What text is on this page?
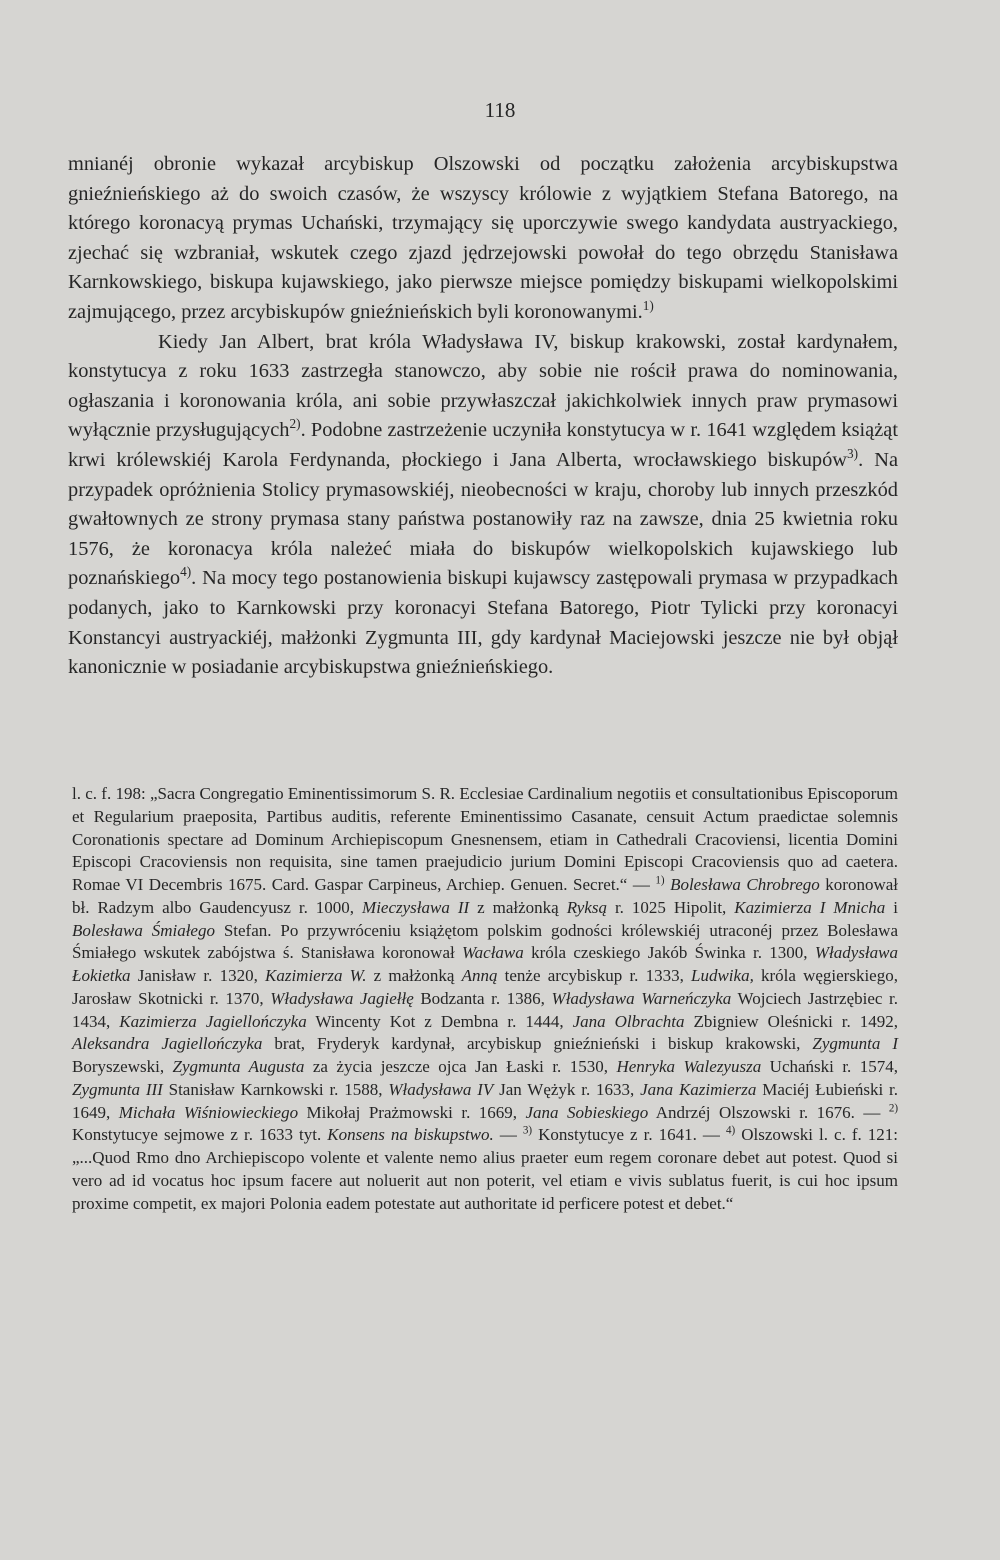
118

mnianéj obronie wykazał arcybiskup Olszowski od początku założenia arcybiskupstwa gnieźnieńskiego aż do swoich czasów, że wszyscy królowie z wyjątkiem Stefana Batorego, na którego koronacyą prymas Uchański, trzymający się uporczywie swego kandydata austryackiego, zjechać się wzbraniał, wskutek czego zjazd jędrzejowski powołał do tego obrzędu Stanisława Karnkowskiego, biskupa kujawskiego, jako pierwsze miejsce pomiędzy biskupami wielkopolskimi zajmującego, przez arcybiskupów gnieźnieńskich byli koronowanymi.$^{1)}$

Kiedy Jan Albert, brat króla Władysława IV, biskup krakowski, został kardynałem, konstytucya z roku 1633 zastrzegła stanowczo, aby sobie nie rościł prawa do nominowania, ogłaszania i koronowania króla, ani sobie przywłaszczał jakichkolwiek innych praw prymasowi wyłącznie przysługujących$^{2)}$. Podobne zastrzeżenie uczyniła konstytucya w r. 1641 względem książąt krwi królewskiéj Karola Ferdynanda, płockiego i Jana Alberta, wrocławskiego biskupów$^{3)}$. Na przypadek opróżnienia Stolicy prymasowskiéj, nieobecności w kraju, choroby lub innych przeszkód gwałtownych ze strony prymasa stany państwa postanowiły raz na zawsze, dnia 25 kwietnia roku 1576, że koronacya króla należeć miała do biskupów wielkopolskich kujawskiego lub poznańskiego$^{4)}$. Na mocy tego postanowienia biskupi kujawscy zastępowali prymasa w przypadkach podanych, jako to Karnkowski przy koronacyi Stefana Batorego, Piotr Tylicki przy koronacyi Konstancyi austryackiéj, małżonki Zygmunta III, gdy kardynał Maciejowski jeszcze nie był objął kanonicznie w posiadanie arcybiskupstwa gnieźnieńskiego.

l. c. f. 198: „Sacra Congregatio Eminentissimorum S. R. Ecclesiae Cardinalium negotiis et consultationibus Episcoporum et Regularium praeposita, Partibus auditis, referente Eminentissimo Casanate, censuit Actum praedictae solemnis Coronationis spectare ad Dominum Archiepiscopum Gnesnensem, etiam in Cathedrali Cracoviensi, licentia Domini Episcopi Cracoviensis non requisita, sine tamen praejudicio jurium Domini Episcopi Cracoviensis quo ad caetera. Romae VI Decembris 1675. Card. Gaspar Carpineus, Archiep. Genuen. Secret.“ — $^{1)}$ Bolesława Chrobrego koronował bł. Radzym albo Gaudencyusz r. 1000, Mieczysława II z małżonką Ryksą r. 1025 Hipolit, Kazimierza I Mnicha i Bolesława Śmiałego Stefan. Po przywróceniu książętom polskim godności królewskiéj utraconéj przez Bolesława Śmiałego wskutek zabójstwa ś. Stanisława koronował Wacława króla czeskiego Jakób Świnka r. 1300, Władysława Łokietka Janisław r. 1320, Kazimierza W. z małżonką Anną tenże arcybiskup r. 1333, Ludwika, króla węgierskiego, Jarosław Skotnicki r. 1370, Władysława Jagiełłę Bodzanta r. 1386, Władysława Warneńczyka Wojciech Jastrzębiec r. 1434, Kazimierza Jagiellończyka Wincenty Kot z Dembna r. 1444, Jana Olbrachta Zbigniew Oleśnicki r. 1492, Aleksandra Jagiellończyka brat, Fryderyk kardynał, arcybiskup gnieźnieński i biskup krakowski, Zygmunta I Boryszewski, Zygmunta Augusta za życia jeszcze ojca Jan Łaski r. 1530, Henryka Walezyusza Uchański r. 1574, Zygmunta III Stanisław Karnkowski r. 1588, Władysława IV Jan Wężyk r. 1633, Jana Kazimierza Maciéj Łubieński r. 1649, Michała Wiśniowieckiego Mikołaj Prażmowski r. 1669, Jana Sobieskiego Andrzéj Olszowski r. 1676. — $^{2)}$ Konstytucye sejmowe z r. 1633 tyt. Konsens na biskupstwo. — $^{3)}$ Konstytucye z r. 1641. — $^{4)}$ Olszowski l. c. f. 121: „...Quod Rmo dno Archiepiscopo volente et valente nemo alius praeter eum regem coronare debet aut potest. Quod si vero ad id vocatus hoc ipsum facere aut noluerit aut non poterit, vel etiam e vivis sublatus fuerit, is cui hoc ipsum proxime competit, ex majori Polonia eadem potestate aut authoritate id perficere potest et debet.“
